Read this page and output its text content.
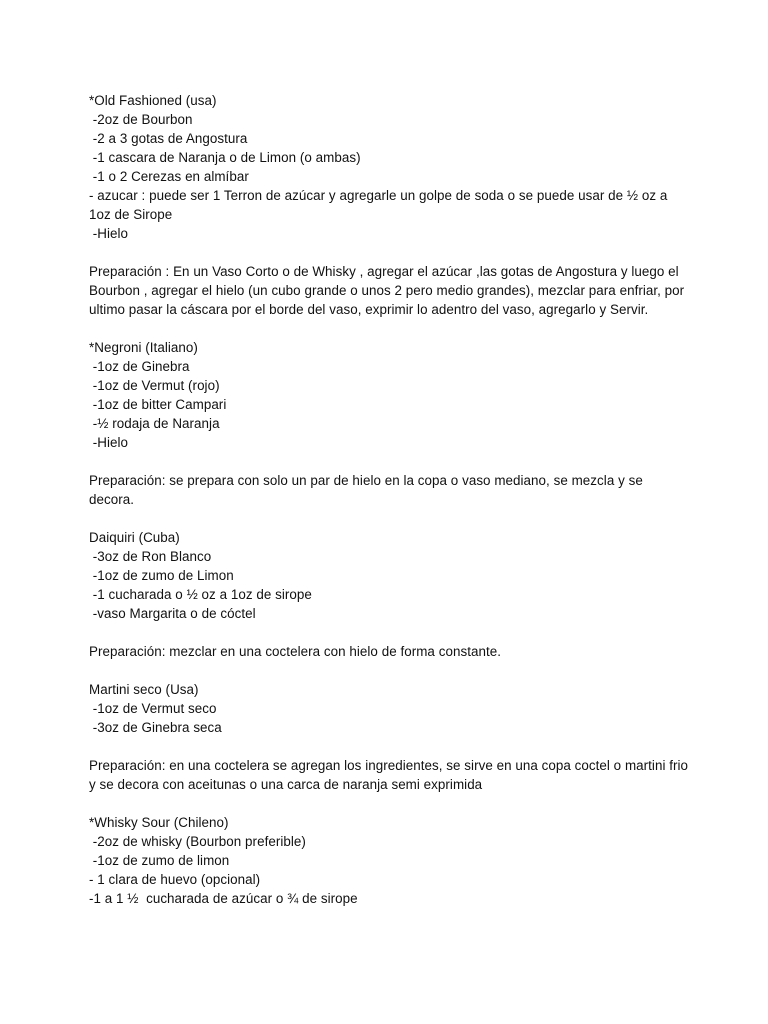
*Old Fashioned (usa)
-2oz de Bourbon
-2 a 3 gotas de Angostura
-1 cascara de Naranja o de Limon (o ambas)
-1 o 2 Cerezas en almíbar
- azucar : puede ser 1 Terron de azúcar y agregarle un golpe de soda o se puede usar de ½ oz a 1oz de Sirope
-Hielo
Preparación : En un Vaso Corto o de Whisky , agregar el azúcar ,las gotas de Angostura y luego el Bourbon , agregar el hielo (un cubo grande o unos 2 pero medio grandes), mezclar para enfriar, por ultimo pasar la cáscara por el borde del vaso, exprimir lo adentro del vaso, agregarlo y Servir.
*Negroni (Italiano)
-1oz de Ginebra
-1oz de Vermut (rojo)
-1oz de bitter Campari
-½ rodaja de Naranja
-Hielo
Preparación: se prepara con solo un par de hielo en la copa o vaso mediano, se mezcla y se decora.
Daiquiri (Cuba)
-3oz de Ron Blanco
-1oz de zumo de Limon
-1 cucharada o ½ oz a 1oz de sirope
-vaso Margarita o de cóctel
Preparación: mezclar en una coctelera con hielo de forma constante.
Martini seco (Usa)
-1oz de Vermut seco
-3oz de Ginebra seca
Preparación: en una coctelera se agregan los ingredientes, se sirve en una copa coctel o martini frio y se decora con aceitunas o una carca de naranja semi exprimida
*Whisky Sour (Chileno)
-2oz de whisky (Bourbon preferible)
-1oz de zumo de limon
- 1 clara de huevo (opcional)
-1 a 1 ½  cucharada de azúcar o ¾ de sirope
